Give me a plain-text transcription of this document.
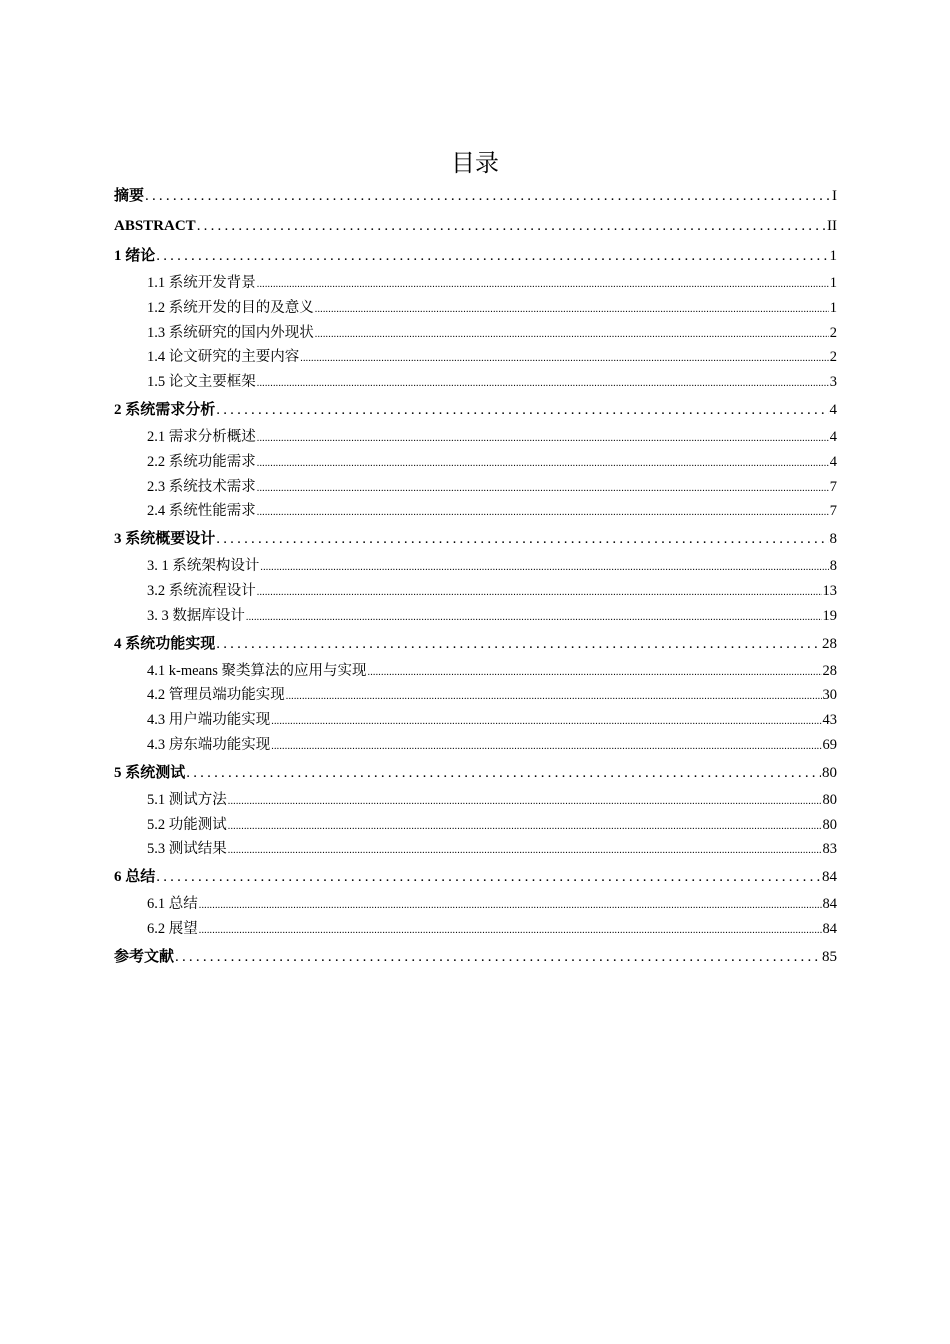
目录
摘要 .....	I
ABSTRACT .....	II
1 绪论 .....	1
1.1 系统开发背景 .....	1
1.2 系统开发的目的及意义 .....	1
1.3 系统研究的国内外现状 .....	2
1.4 论文研究的主要内容 .....	2
1.5 论文主要框架 .....	3
2 系统需求分析 .....	4
2.1 需求分析概述 .....	4
2.2 系统功能需求 .....	4
2.3 系统技术需求 .....	7
2.4 系统性能需求 .....	7
3 系统概要设计 .....	8
3. 1 系统架构设计 .....	8
3.2 系统流程设计 .....	13
3. 3 数据库设计 .....	19
4 系统功能实现 .....	28
4.1 k-means 聚类算法的应用与实现 .....	28
4.2 管理员端功能实现 .....	30
4.3 用户端功能实现 .....	43
4.3 房东端功能实现 .....	69
5 系统测试 .....	80
5.1 测试方法 .....	80
5.2 功能测试 .....	80
5.3 测试结果 .....	83
6 总结 .....	84
6.1 总结 .....	84
6.2 展望 .....	84
参考文献 .....	85
